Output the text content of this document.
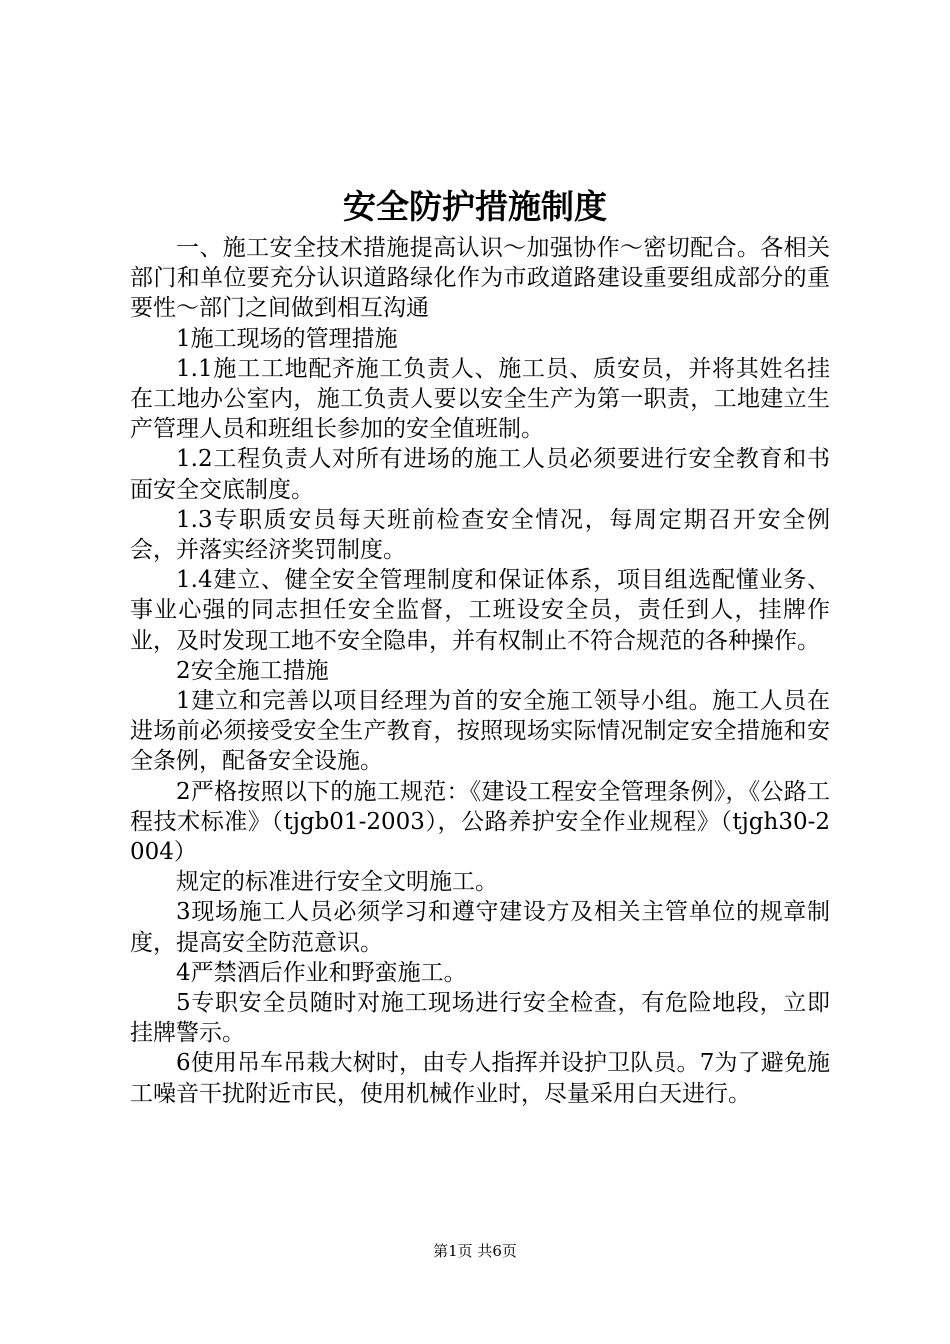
安全防护措施制度

一、施工安全技术措施提高认识～加强协作～密切配合。各相关部门和单位要充分认识道路绿化作为市政道路建设重要组成部分的重要性～部门之间做到相互沟通

1施工现场的管理措施

1.1施工工地配齐施工负责人、施工员、质安员，并将其姓名挂在工地办公室内，施工负责人要以安全生产为第一职责，工地建立生产管理人员和班组长参加的安全值班制。

1.2工程负责人对所有进场的施工人员必须要进行安全教育和书面安全交底制度。

1.3专职质安员每天班前检查安全情况，每周定期召开安全例会，并落实经济奖罚制度。

1.4建立、健全安全管理制度和保证体系，项目组选配懂业务、事业心强的同志担任安全监督，工班设安全员，责任到人，挂牌作业，及时发现工地不安全隐串，并有权制止不符合规范的各种操作。

2安全施工措施

1建立和完善以项目经理为首的安全施工领导小组。施工人员在进场前必须接受安全生产教育，按照现场实际情况制定安全措施和安全条例，配备安全设施。

2严格按照以下的施工规范：《建设工程安全管理条例》，《公路工程技术标准》（tjgb01-2003），公路养护安全作业规程》（tjgh30-2004）

规定的标准进行安全文明施工。

3现场施工人员必须学习和遵守建设方及相关主管单位的规章制度，提高安全防范意识。

4严禁酒后作业和野蛮施工。

5专职安全员随时对施工现场进行安全检查，有危险地段，立即挂牌警示。

6使用吊车吊栽大树时，由专人指挥并设护卫队员。7为了避免施工噪音干扰附近市民，使用机械作业时，尽量采用白天进行。

第1页 共6页
